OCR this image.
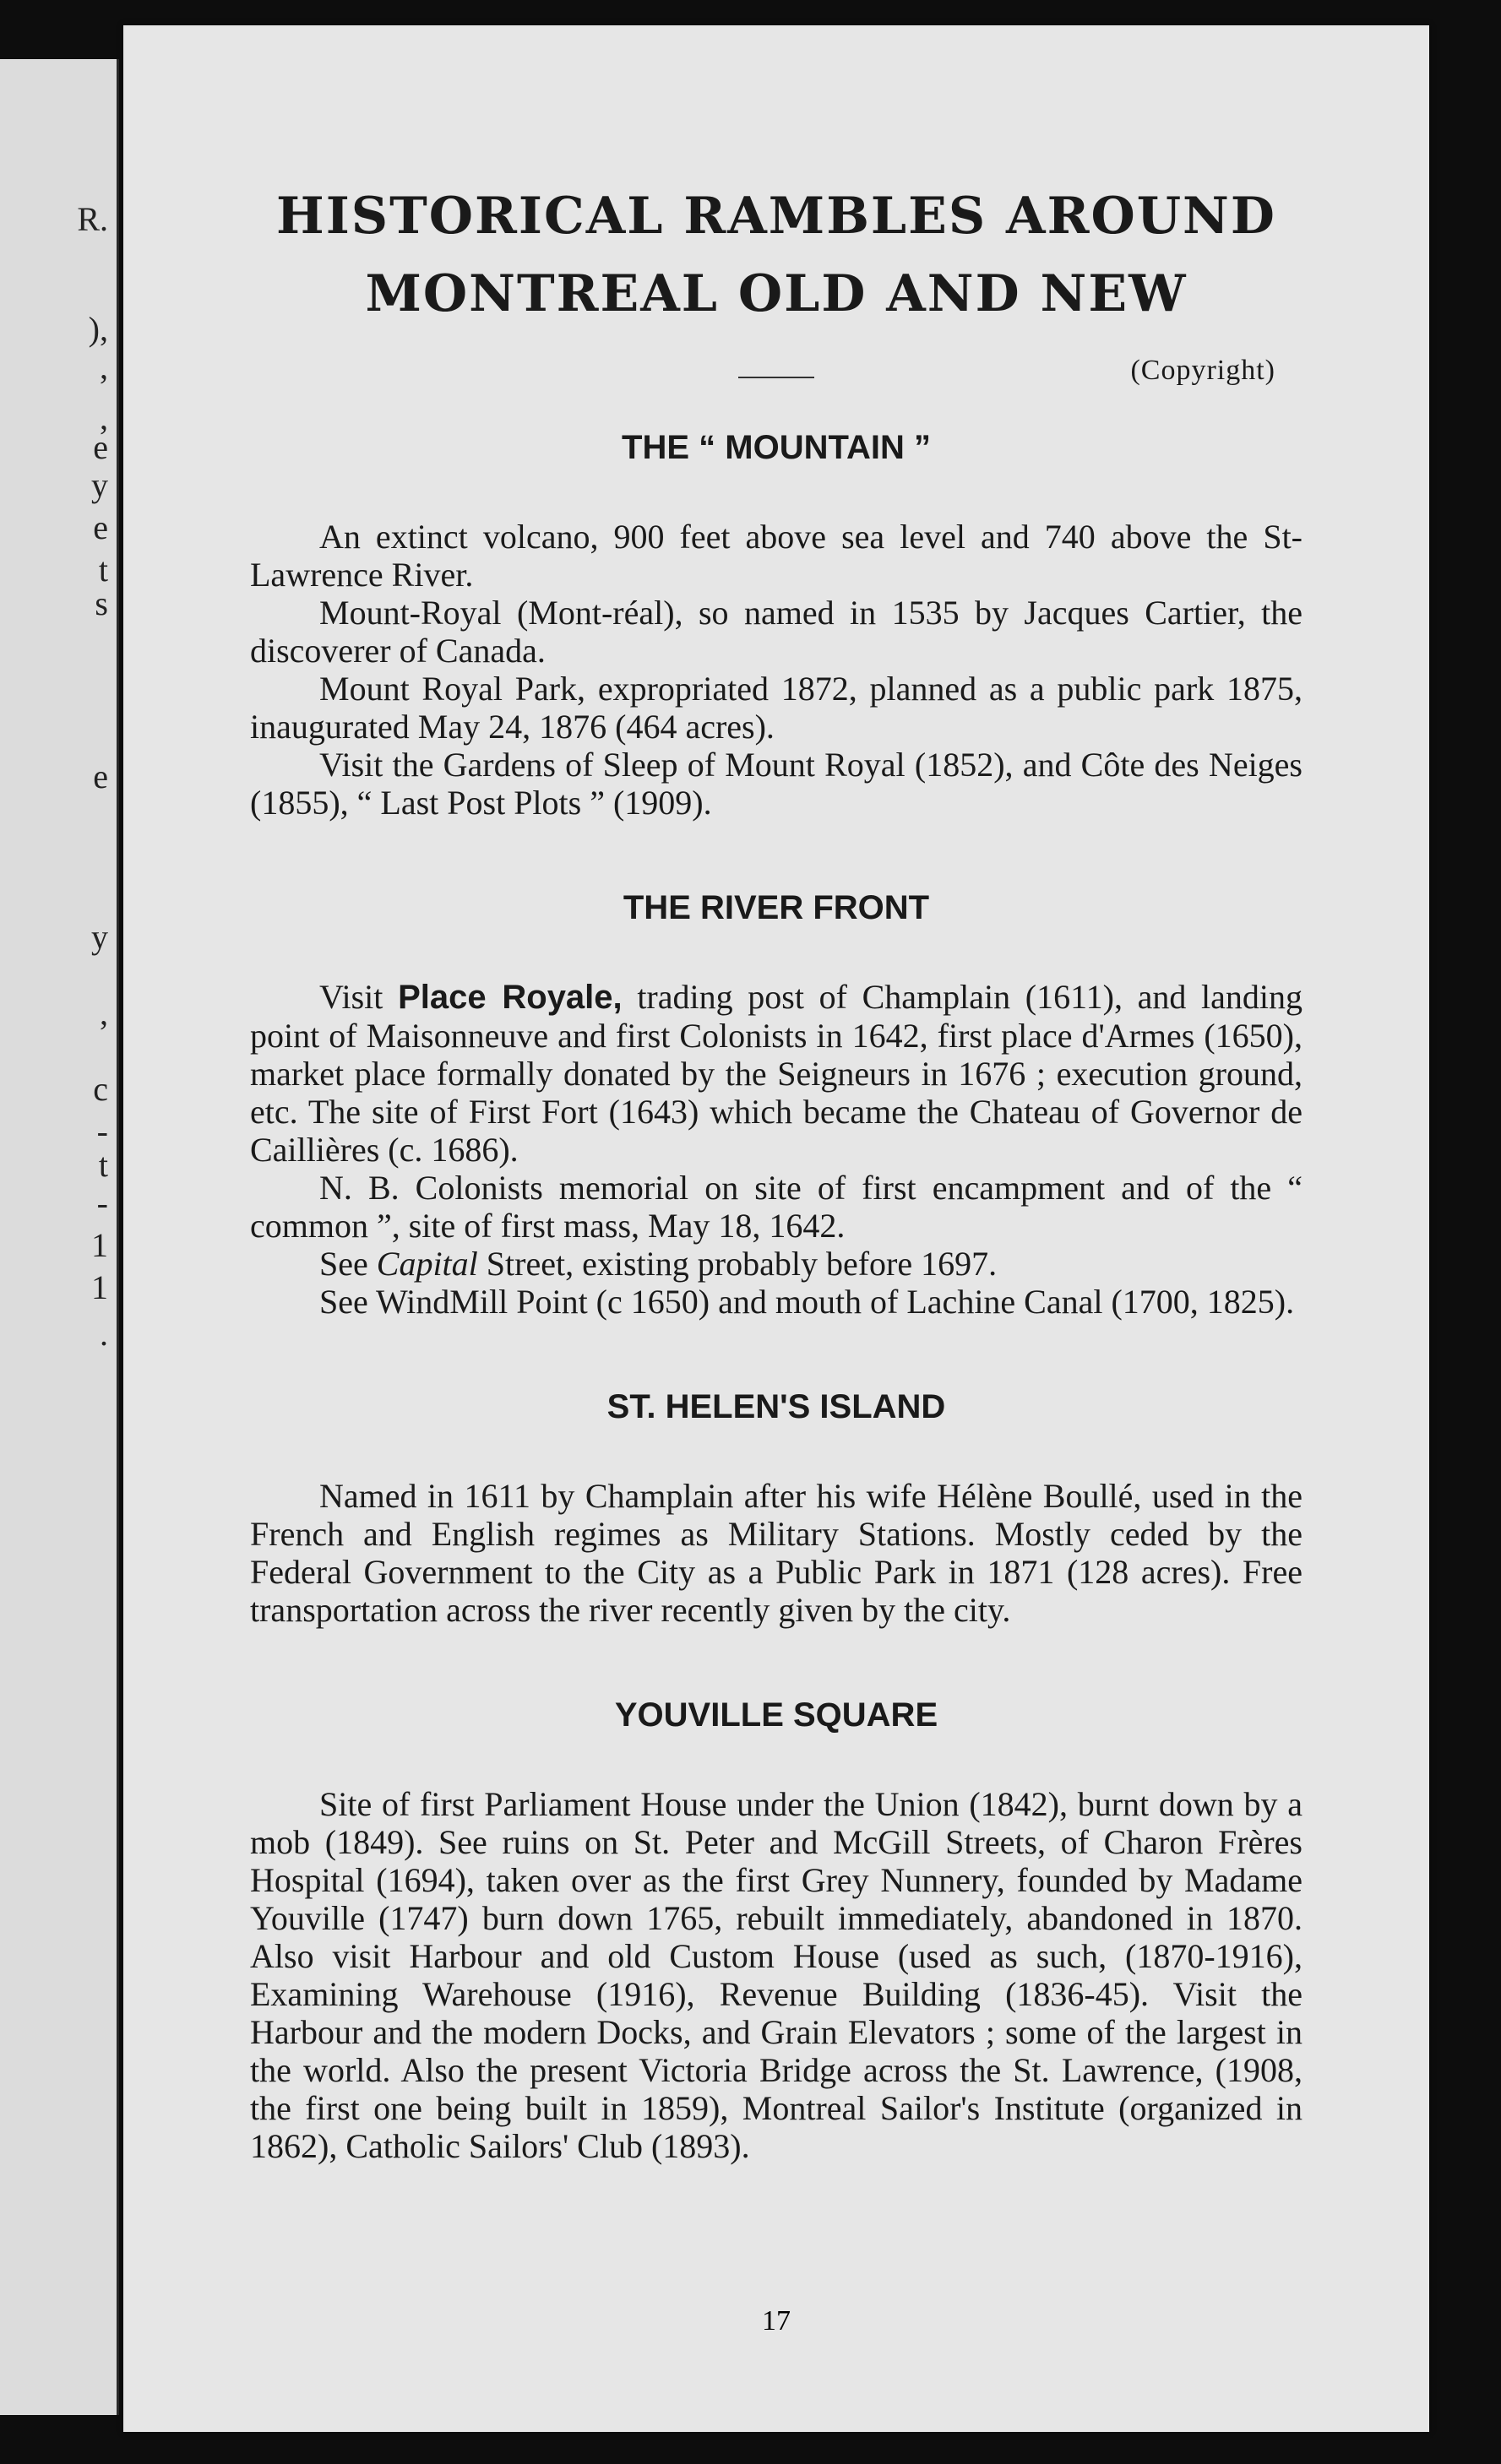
R.
),
,
,
e
y
e
t
s
e
y
,
c
-
t
-
1
1
.
HISTORICAL RAMBLES AROUND
MONTREAL OLD AND NEW
(Copyright)
THE “ MOUNTAIN ”

An extinct volcano, 900 feet above sea level and 740 above the St-Lawrence River.

Mount-Royal (Mont-réal), so named in 1535 by Jacques Cartier, the discoverer of Canada.

Mount Royal Park, expropriated 1872, planned as a public park 1875, inaugurated May 24, 1876 (464 acres).

Visit the Gardens of Sleep of Mount Royal (1852), and Côte des Neiges (1855), “ Last Post Plots ” (1909).

THE RIVER FRONT

Visit Place Royale, trading post of Champlain (1611), and landing point of Maisonneuve and first Colonists in 1642, first place d'Armes (1650), market place formally donated by the Seigneurs in 1676 ; execution ground, etc. The site of First Fort (1643) which became the Chateau of Governor de Caillières (c. 1686).

N. B. Colonists memorial on site of first encampment and of the “ common ”, site of first mass, May 18, 1642.

See Capital Street, existing probably before 1697.

See WindMill Point (c 1650) and mouth of Lachine Canal (1700, 1825).

ST. HELEN'S ISLAND

Named in 1611 by Champlain after his wife Hélène Boullé, used in the French and English regimes as Military Stations. Mostly ceded by the Federal Government to the City as a Public Park in 1871 (128 acres). Free transportation across the river recently given by the city.

YOUVILLE SQUARE

Site of first Parliament House under the Union (1842), burnt down by a mob (1849). See ruins on St. Peter and McGill Streets, of Charon Frères Hospital (1694), taken over as the first Grey Nunnery, founded by Madame Youville (1747) burn down 1765, rebuilt immediately, abandoned in 1870. Also visit Harbour and old Custom House (used as such, (1870-1916), Examining Warehouse (1916), Revenue Building (1836-45). Visit the Harbour and the modern Docks, and Grain Elevators ; some of the largest in the world. Also the present Victoria Bridge across the St. Lawrence, (1908, the first one being built in 1859), Montreal Sailor's Institute (organized in 1862), Catholic Sailors' Club (1893).

17
